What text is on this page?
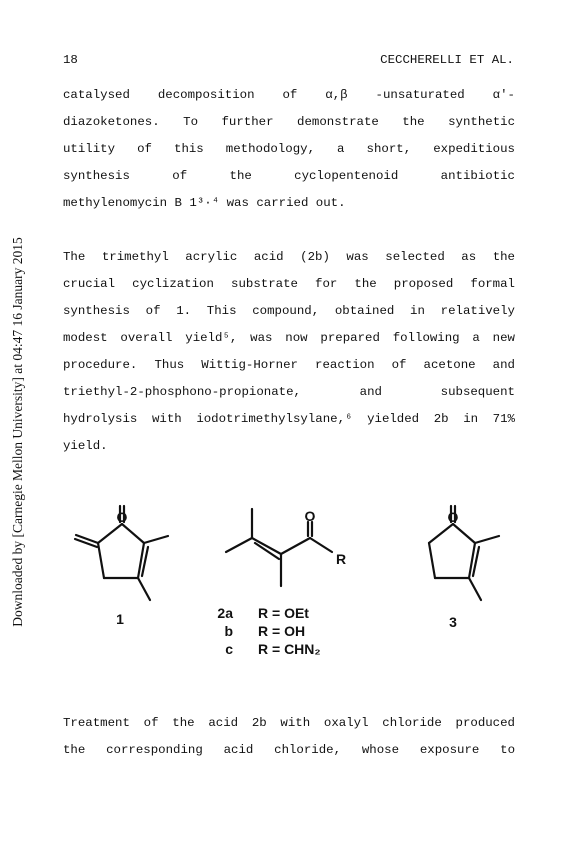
Downloaded by [Carnegie Mellon University] at 04:47 16 January 2015
18	CECCHERELLI ET AL.
catalysed decomposition of α,β -unsaturated α'-
diazoketones. To further demonstrate the synthetic
utility of this methodology, a short, expeditious
synthesis of the cyclopentenoid antibiotic
methylenomycin B 1³·⁴ was carried out.
The trimethyl acrylic acid (2b) was selected as the
crucial cyclization substrate for the proposed formal
synthesis of 1. This compound, obtained in relatively
modest overall yield⁵, was now prepared following a new
procedure. Thus Wittig-Horner reaction of acetone and
triethyl-2-phosphono-propionate, and subsequent
hydrolysis with iodotrimethylsylane,⁶ yielded 2b in 71%
yield.
O	O
R
O
1	3
2a R = OEt
b R = OH
c R = CHN₂
Treatment of the acid 2b with oxalyl chloride produced
the corresponding acid chloride, whose exposure to
